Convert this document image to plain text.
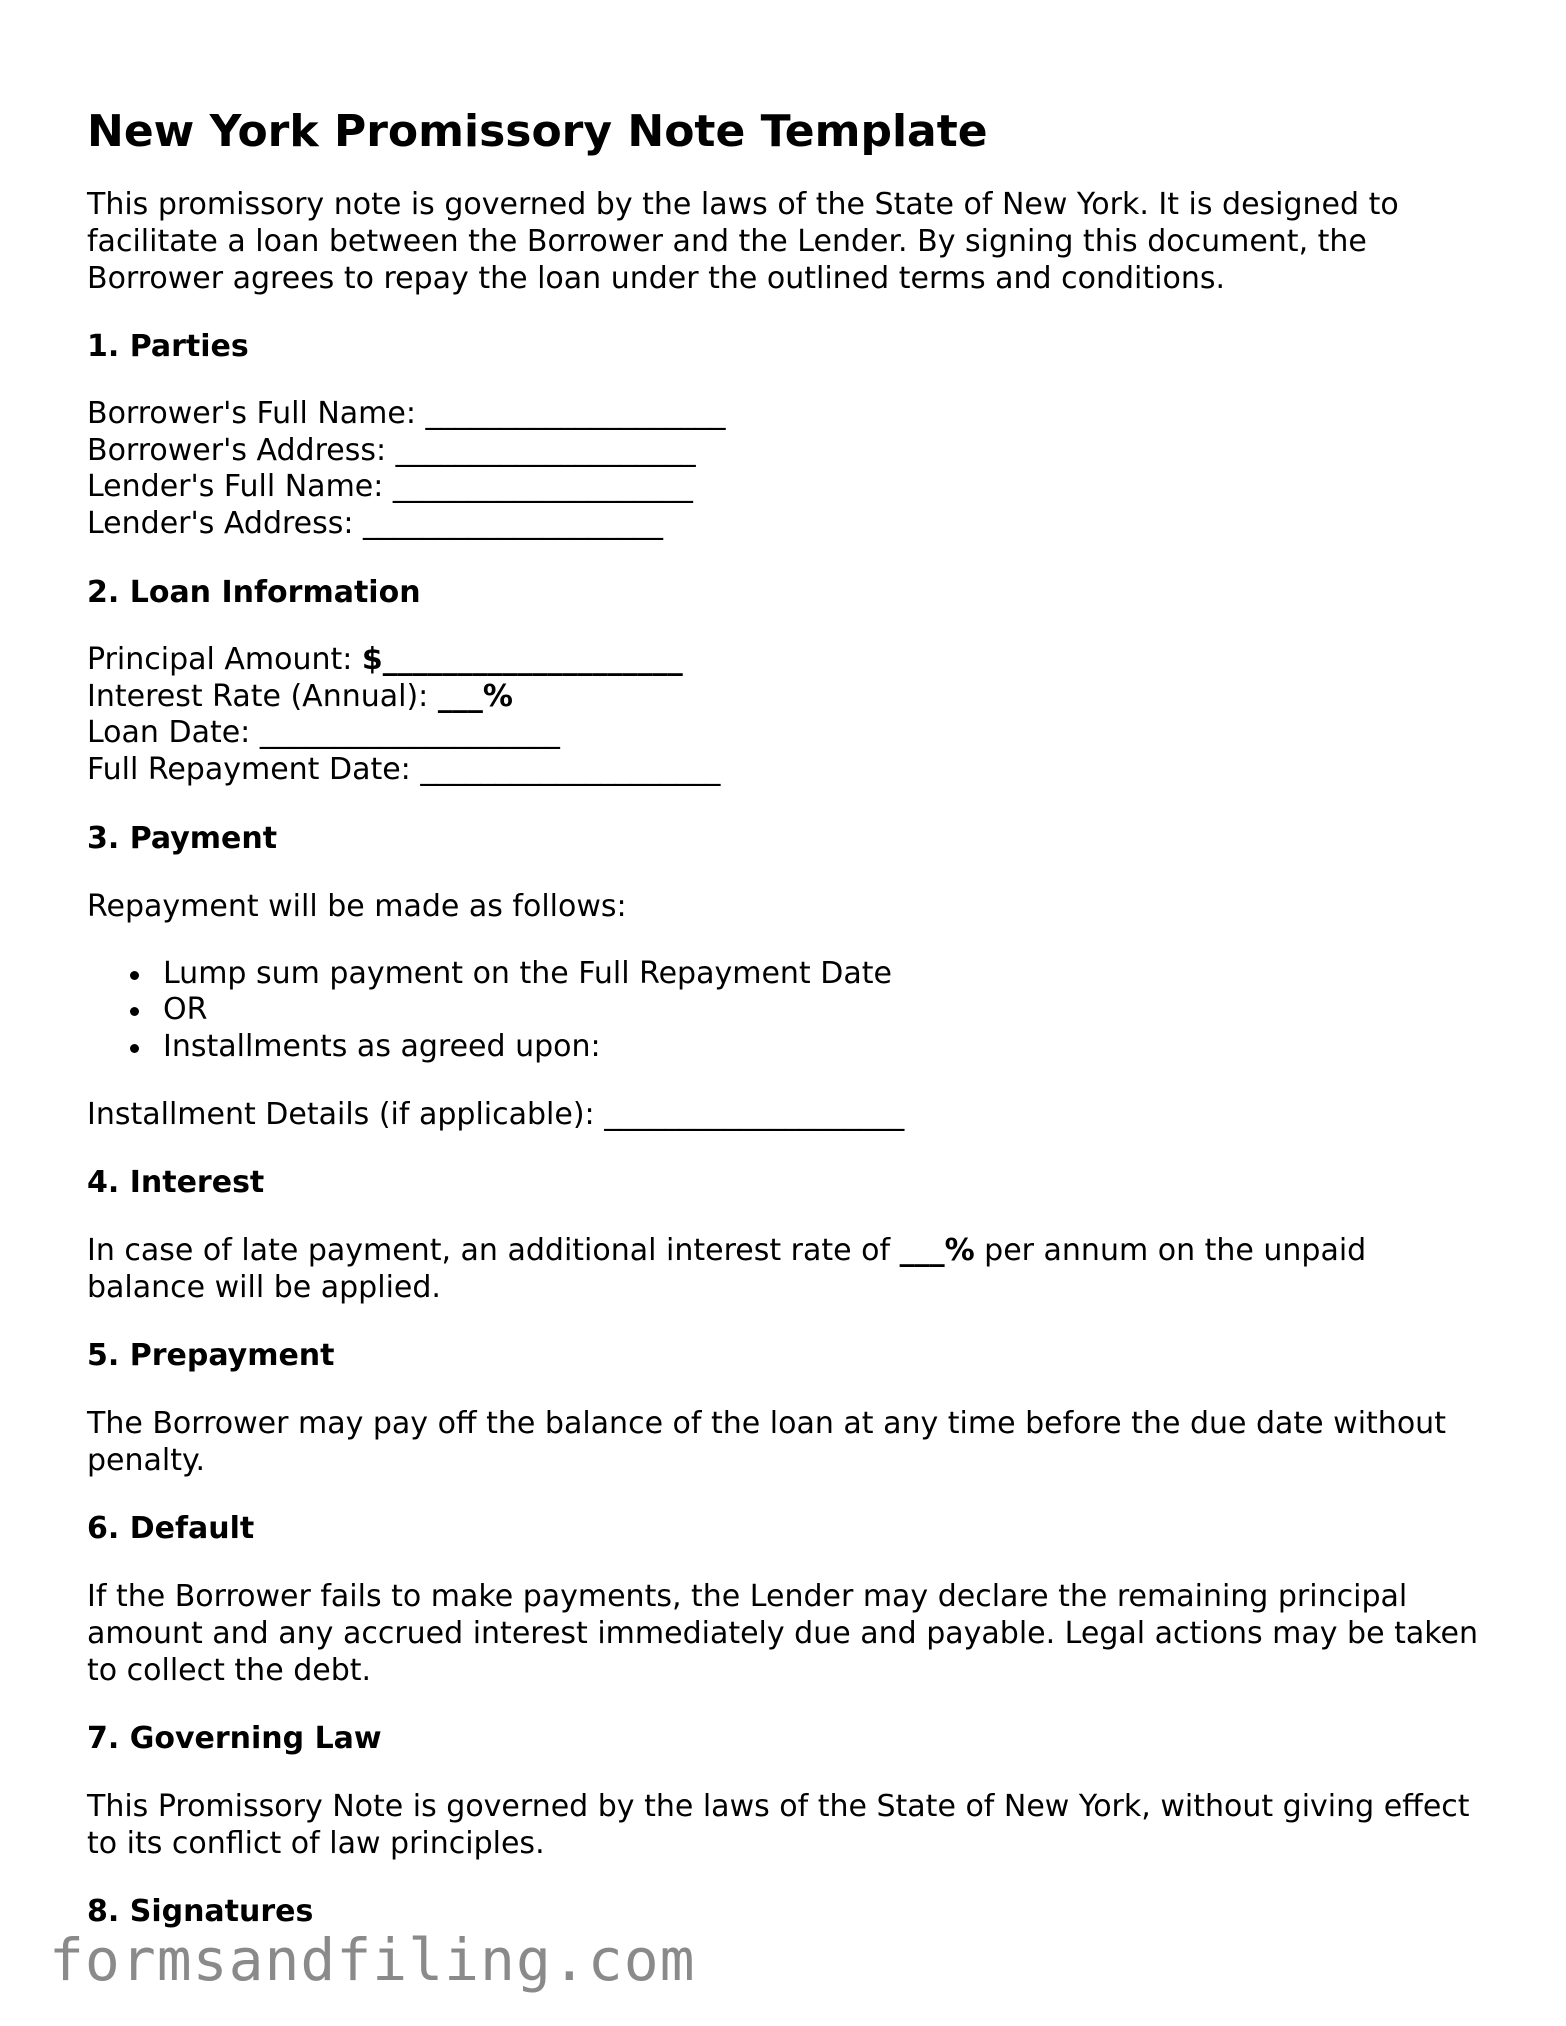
New York Promissory Note Template

This promissory note is governed by the laws of the State of New York. It is designed to facilitate a loan between the Borrower and the Lender. By signing this document, the Borrower agrees to repay the loan under the outlined terms and conditions.

1. Parties
Borrower's Full Name: ____________________
Borrower's Address: ____________________
Lender's Full Name: ____________________
Lender's Address: ____________________
2. Loan Information
Principal Amount: $____________________
Interest Rate (Annual): ___%
Loan Date: ____________________
Full Repayment Date: ____________________
3. Payment

Repayment will be made as follows:

Lump sum payment on the Full Repayment Date
OR
Installments as agreed upon:
Installment Details (if applicable): ____________________
4. Interest

In case of late payment, an additional interest rate of ___% per annum on the unpaid balance will be applied.

5. Prepayment

The Borrower may pay off the balance of the loan at any time before the due date without penalty.

6. Default

If the Borrower fails to make payments, the Lender may declare the remaining principal amount and any accrued interest immediately due and payable. Legal actions may be taken to collect the debt.

7. Governing Law

This Promissory Note is governed by the laws of the State of New York, without giving effect to its conflict of law principles.

8. Signatures
formsandfiling.com
